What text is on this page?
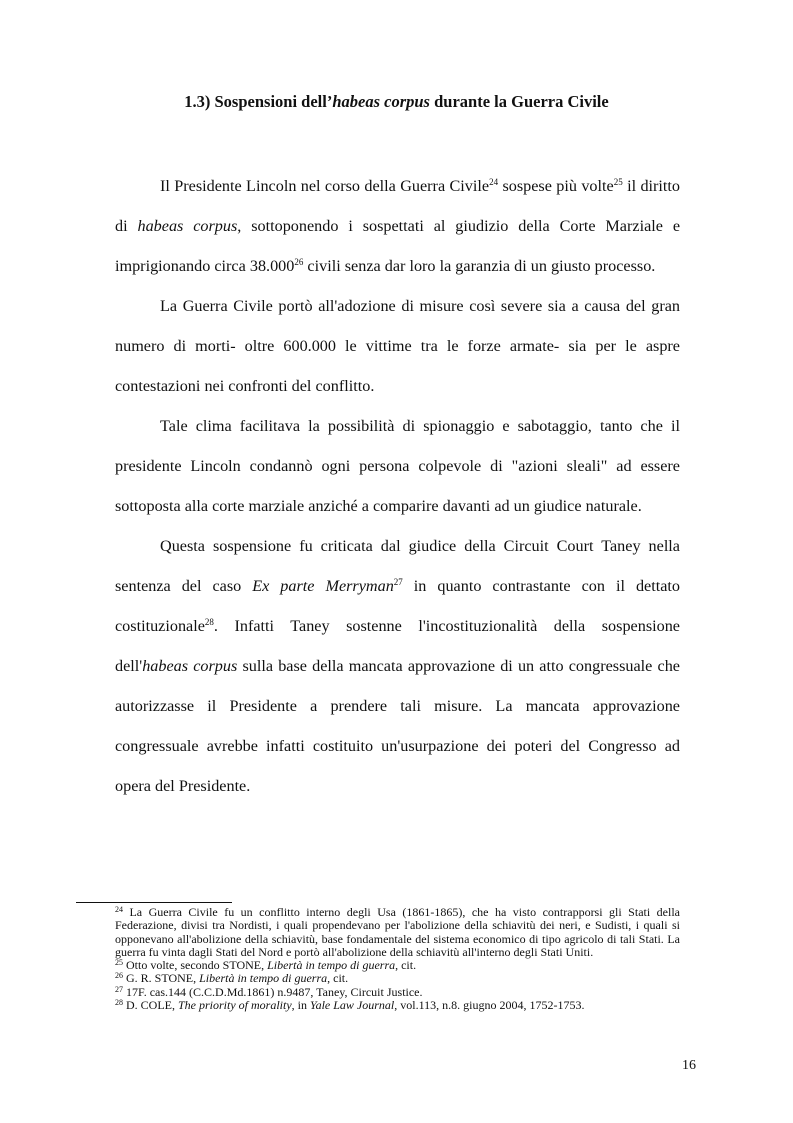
1.3) Sospensioni dell’habeas corpus durante la Guerra Civile

Il Presidente Lincoln nel corso della Guerra Civile$^{24}$ sospese più volte$^{25}$ il diritto di habeas corpus, sottoponendo i sospettati al giudizio della Corte Marziale e imprigionando circa 38.000$^{26}$ civili senza dar loro la garanzia di un giusto processo.

La Guerra Civile portò all'adozione di misure così severe sia a causa del gran numero di morti- oltre 600.000 le vittime tra le forze armate- sia per le aspre contestazioni nei confronti del conflitto.

Tale clima facilitava la possibilità di spionaggio e sabotaggio, tanto che il presidente Lincoln condannò ogni persona colpevole di "azioni sleali" ad essere sottoposta alla corte marziale anziché a comparire davanti ad un giudice naturale.

Questa sospensione fu criticata dal giudice della Circuit Court Taney nella sentenza del caso Ex parte Merryman$^{27}$ in quanto contrastante con il dettato costituzionale$^{28}$. Infatti Taney sostenne l'incostituzionalità della sospensione dell'habeas corpus sulla base della mancata approvazione di un atto congressuale che autorizzasse il Presidente a prendere tali misure. La mancata approvazione congressuale avrebbe infatti costituito un'usurpazione dei poteri del Congresso ad opera del Presidente.

$^{24}$ La Guerra Civile fu un conflitto interno degli Usa (1861-1865), che ha visto contrapporsi gli Stati della Federazione, divisi tra Nordisti, i quali propendevano per l'abolizione della schiavitù dei neri, e Sudisti, i quali si opponevano all'abolizione della schiavitù, base fondamentale del sistema economico di tipo agricolo di tali Stati. La guerra fu vinta dagli Stati del Nord e portò all'abolizione della schiavitù all'interno degli Stati Uniti.
$^{25}$ Otto volte, secondo STONE, Libertà in tempo di guerra, cit.
$^{26}$ G. R. STONE, Libertà in tempo di guerra, cit.
$^{27}$ 17F. cas.144 (C.C.D.Md.1861) n.9487, Taney, Circuit Justice.
$^{28}$ D. COLE, The priority of morality, in Yale Law Journal, vol.113, n.8. giugno 2004, 1752-1753.
16
